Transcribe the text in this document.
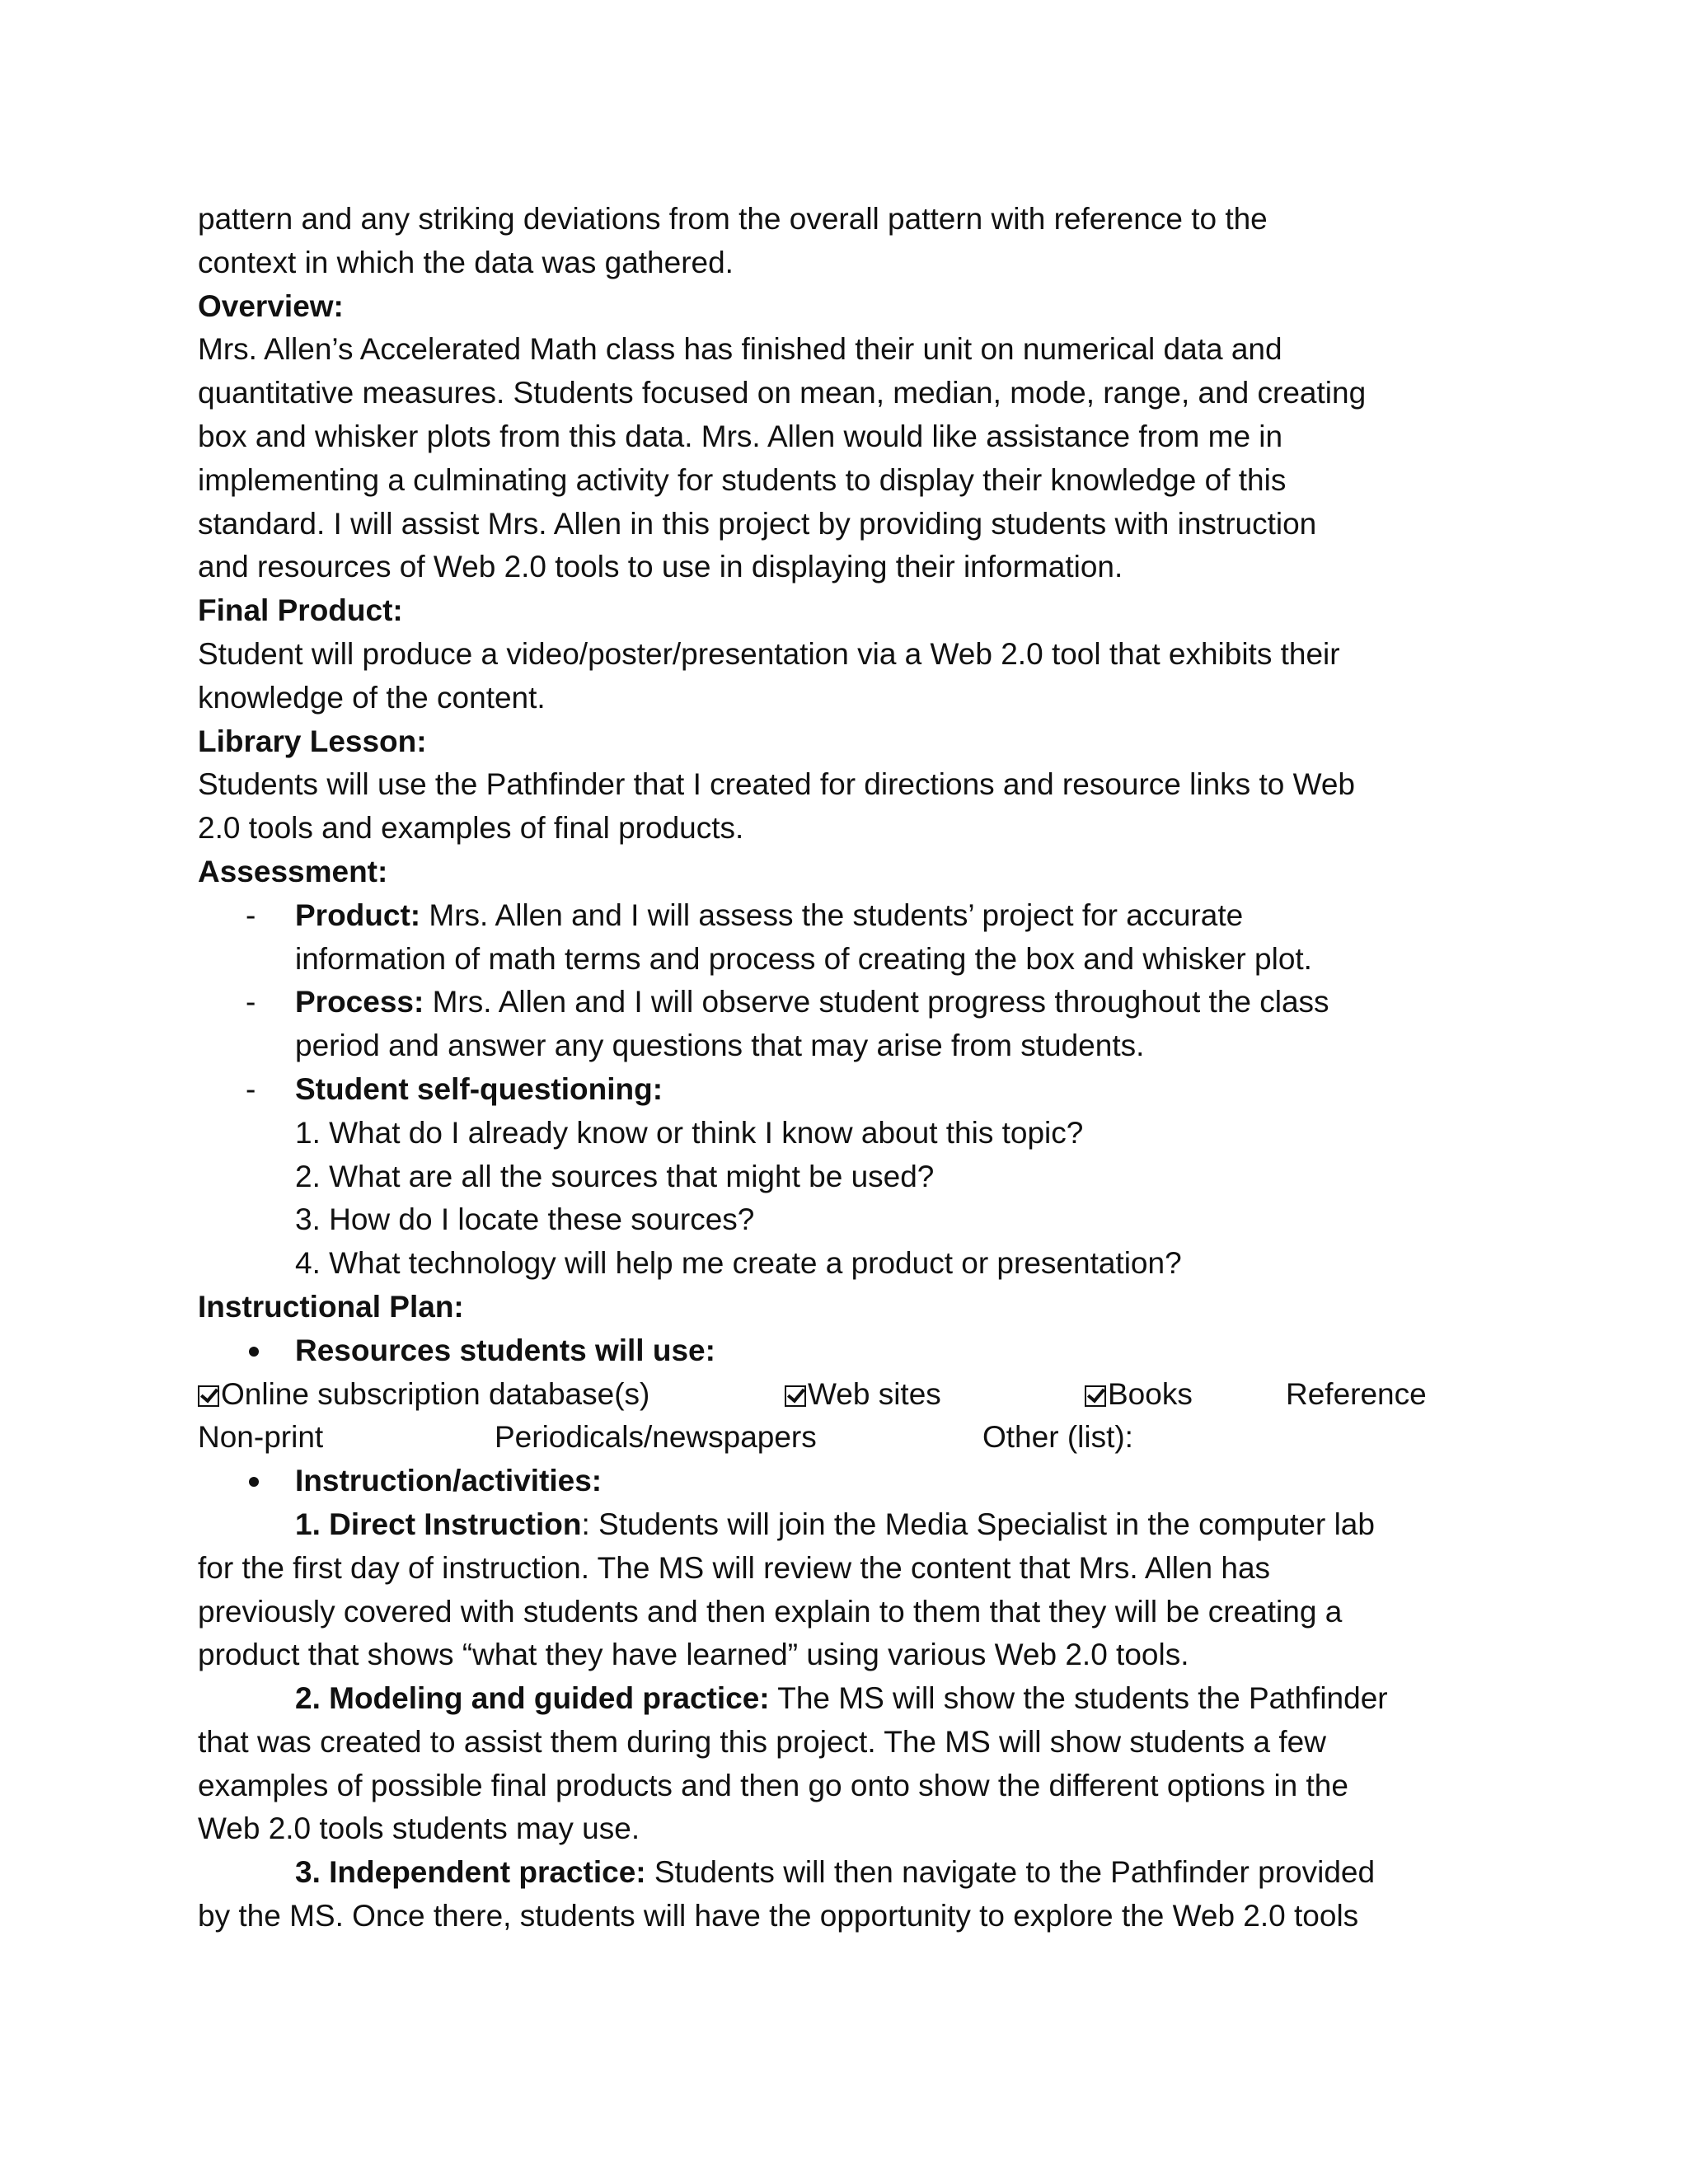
pattern and any striking deviations from the overall pattern with reference to the
context in which the data was gathered.
Overview:
Mrs. Allen’s Accelerated Math class has finished their unit on numerical data and
quantitative measures. Students focused on mean, median, mode, range, and creating
box and whisker plots from this data. Mrs. Allen would like assistance from me in
implementing a culminating activity for students to display their knowledge of this
standard. I will assist Mrs. Allen in this project by providing students with instruction
and resources of Web 2.0 tools to use in displaying their information.
Final Product:
Student will produce a video/poster/presentation via a Web 2.0 tool that exhibits their
knowledge of the content.
Library Lesson:
Students will use the Pathfinder that I created for directions and resource links to Web
2.0 tools and examples of final products.
Assessment:
- Product: Mrs. Allen and I will assess the students’ project for accurate
information of math terms and process of creating the box and whisker plot.
- Process: Mrs. Allen and I will observe student progress throughout the class
period and answer any questions that may arise from students.
- Student self-questioning:
1. What do I already know or think I know about this topic?
2. What are all the sources that might be used?
3. How do I locate these sources?
4. What technology will help me create a product or presentation?
Instructional Plan:
Resources students will use:
Online subscription database(s)	Web sites	Books	Reference
Non-print	Periodicals/newspapers	Other (list):
Instruction/activities:
1. Direct Instruction: Students will join the Media Specialist in the computer lab
for the first day of instruction. The MS will review the content that Mrs. Allen has
previously covered with students and then explain to them that they will be creating a
product that shows “what they have learned” using various Web 2.0 tools.
2. Modeling and guided practice: The MS will show the students the Pathfinder
that was created to assist them during this project. The MS will show students a few
examples of possible final products and then go onto show the different options in the
Web 2.0 tools students may use.
3. Independent practice: Students will then navigate to the Pathfinder provided
by the MS. Once there, students will have the opportunity to explore the Web 2.0 tools
